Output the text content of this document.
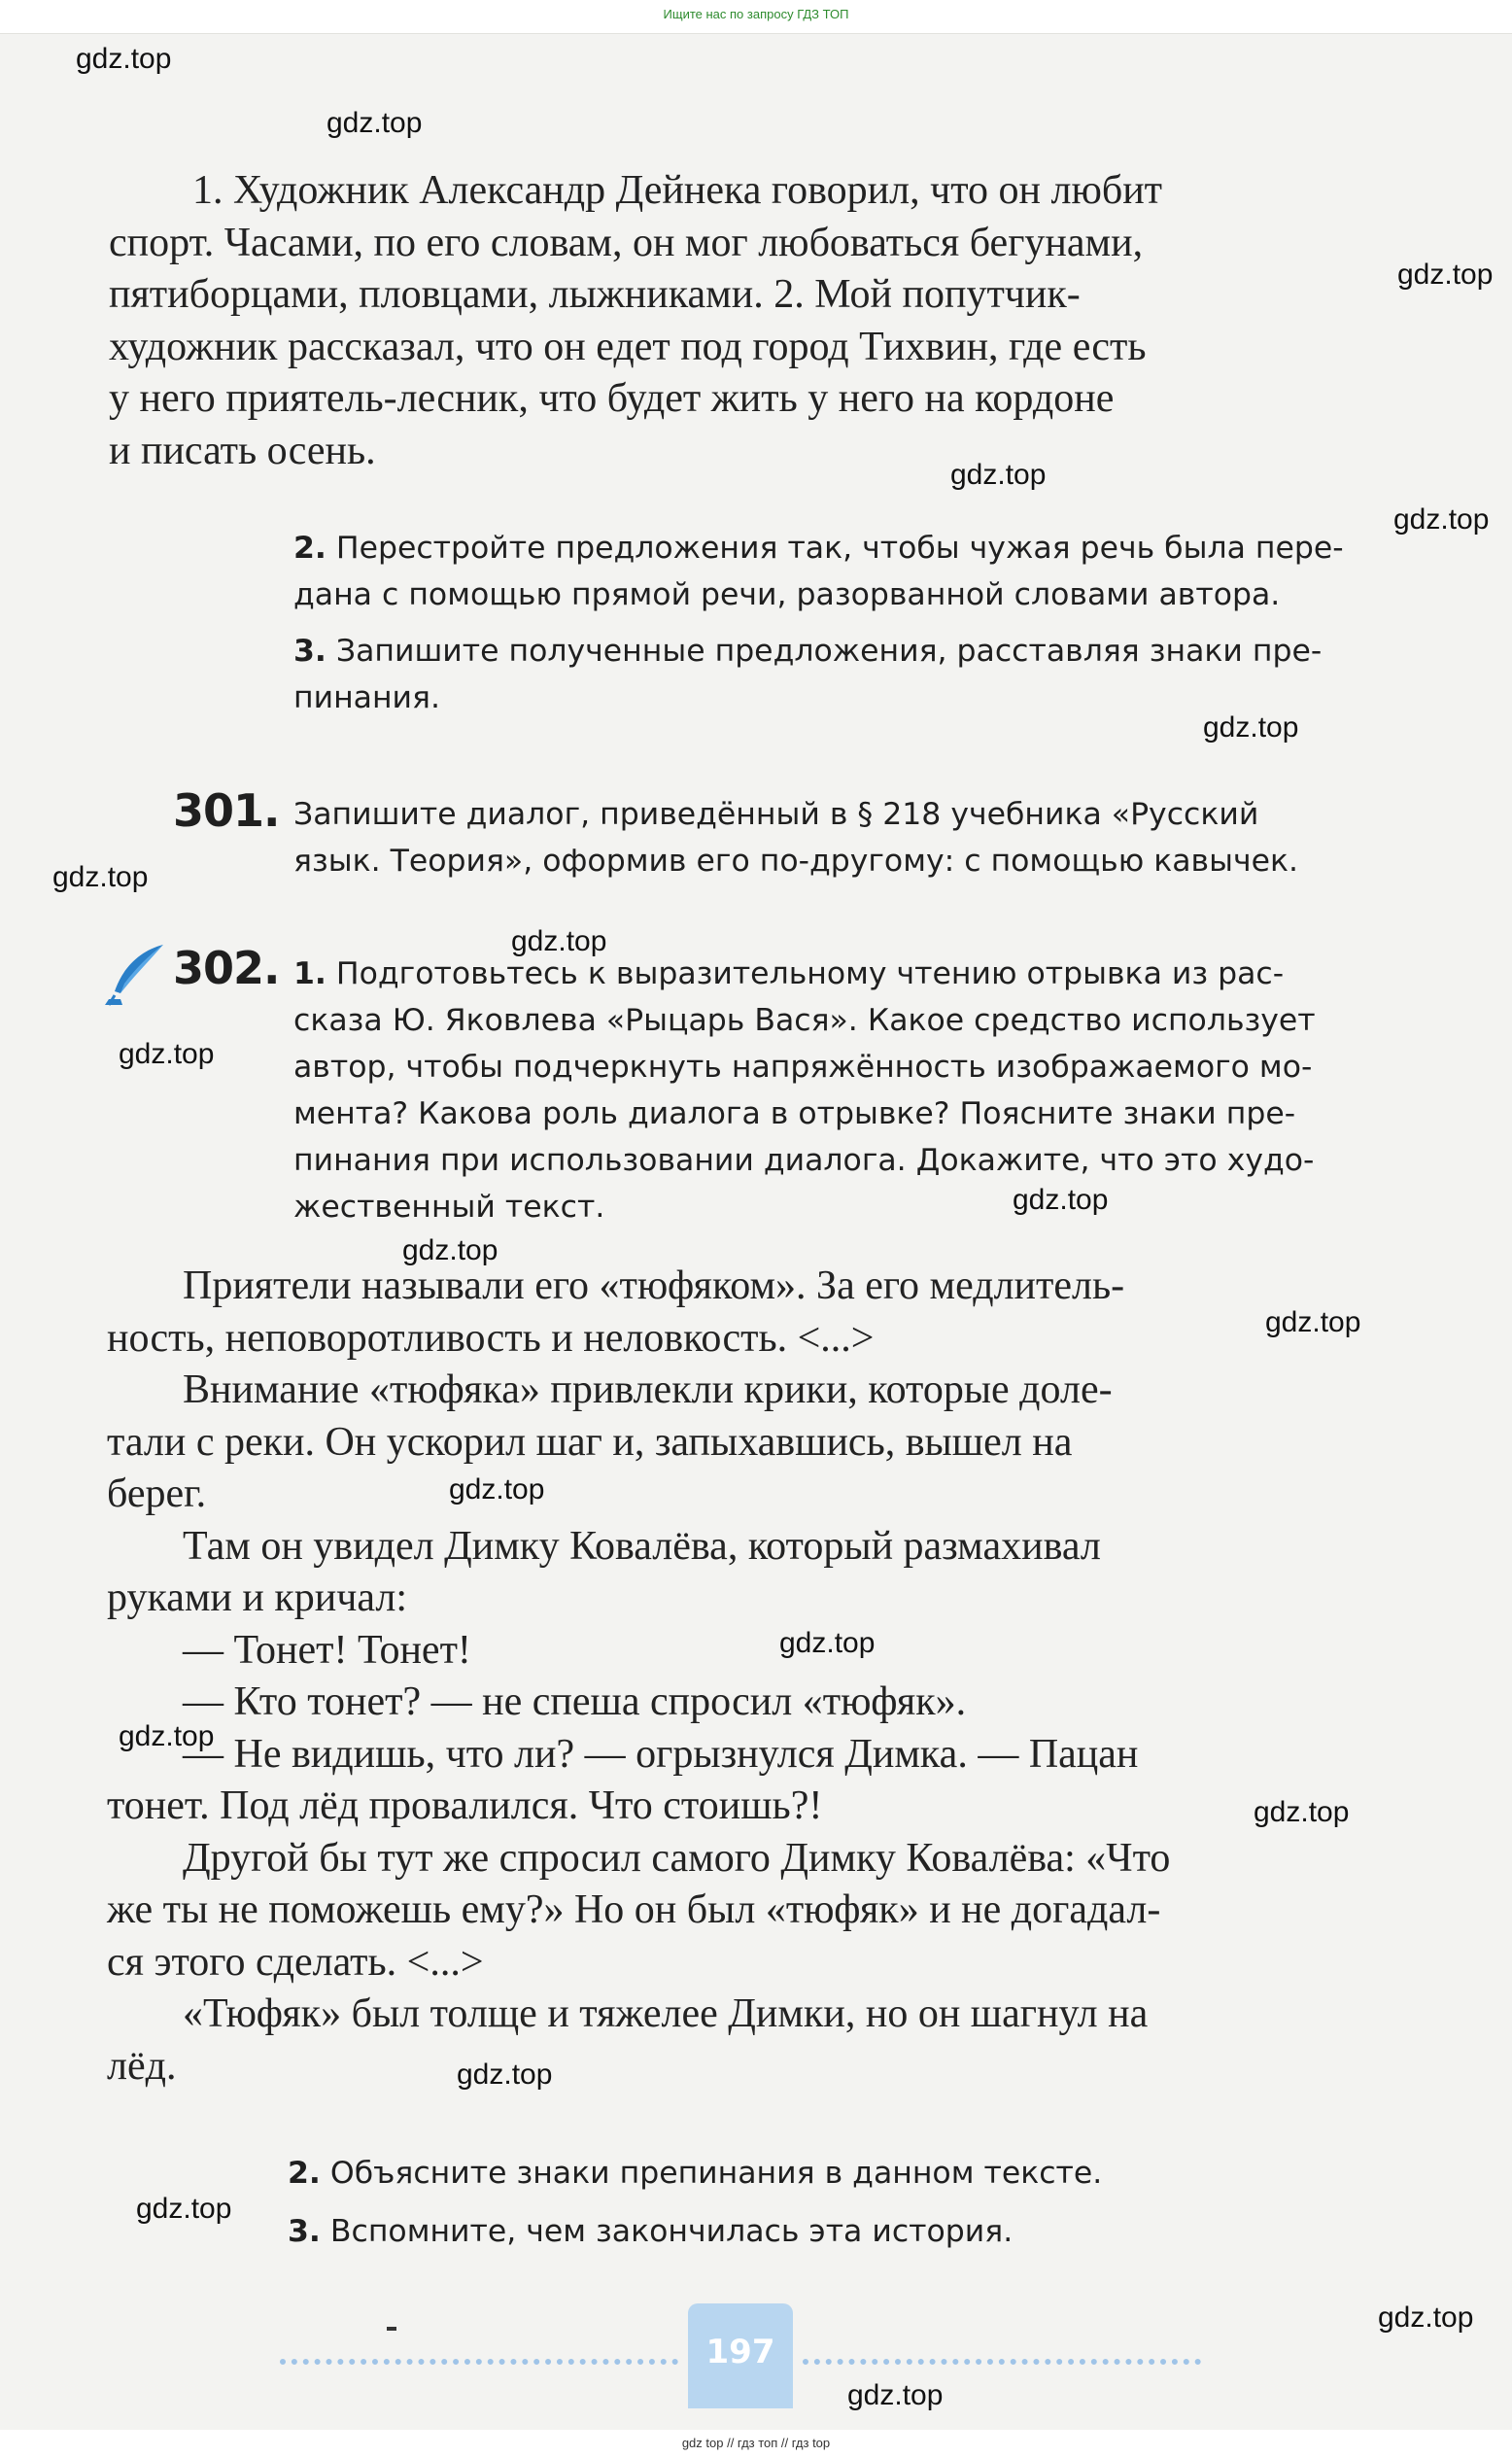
Ищите нас по запросу ГДЗ ТОП

1. Художник Александр Дейнека говорил, что он любит

спорт. Часами, по его словам, он мог любоваться бегунами,

пятиборцами, пловцами, лыжниками. 2. Мой попутчик-

художник рассказал, что он едет под город Тихвин, где есть

у него приятель-лесник, что будет жить у него на кордоне

и писать осень.

2. Перестройте предложения так, чтобы чужая речь была пере-

дана с помощью прямой речи, разорванной словами автора.

3. Запишите полученные предложения, расставляя знаки пре-

пинания.

301. Запишите диалог, приведённый в § 218 учебника «Русский

язык. Теория», оформив его по-другому: с помощью кавычек.

302. 1. Подготовьтесь к выразительному чтению отрывка из рас-

сказа Ю. Яковлева «Рыцарь Вася». Какое средство использует

автор, чтобы подчеркнуть напряжённость изображаемого мо-

мента? Какова роль диалога в отрывке? Поясните знаки пре-

пинания при использовании диалога. Докажите, что это худо-

жественный текст.

Приятели называли его «тюфяком». За его медлитель-

ность, неповоротливость и неловкость. <...>

Внимание «тюфяка» привлекли крики, которые доле-

тали с реки. Он ускорил шаг и, запыхавшись, вышел на

берег.

Там он увидел Димку Ковалёва, который размахивал

руками и кричал:

— Тонет! Тонет!

— Кто тонет? — не спеша спросил «тюфяк».

— Не видишь, что ли? — огрызнулся Димка. — Пацан

тонет. Под лёд провалился. Что стоишь?!

Другой бы тут же спросил самого Димку Ковалёва: «Что

же ты не поможешь ему?» Но он был «тюфяк» и не догадал-

ся этого сделать. <...>

«Тюфяк» был толще и тяжелее Димки, но он шагнул на

лёд.

2. Объясните знаки препинания в данном тексте.

3. Вспомните, чем закончилась эта история.

197
gdz.top
gdz.top
gdz.top
gdz.top
gdz.top
gdz.top
gdz.top
gdz.top
gdz.top
gdz.top
gdz.top
gdz.top
gdz.top
gdz.top
gdz.top
gdz.top
gdz.top
gdz.top
gdz.top
gdz.top
gdz top // гдз топ // гдз top
